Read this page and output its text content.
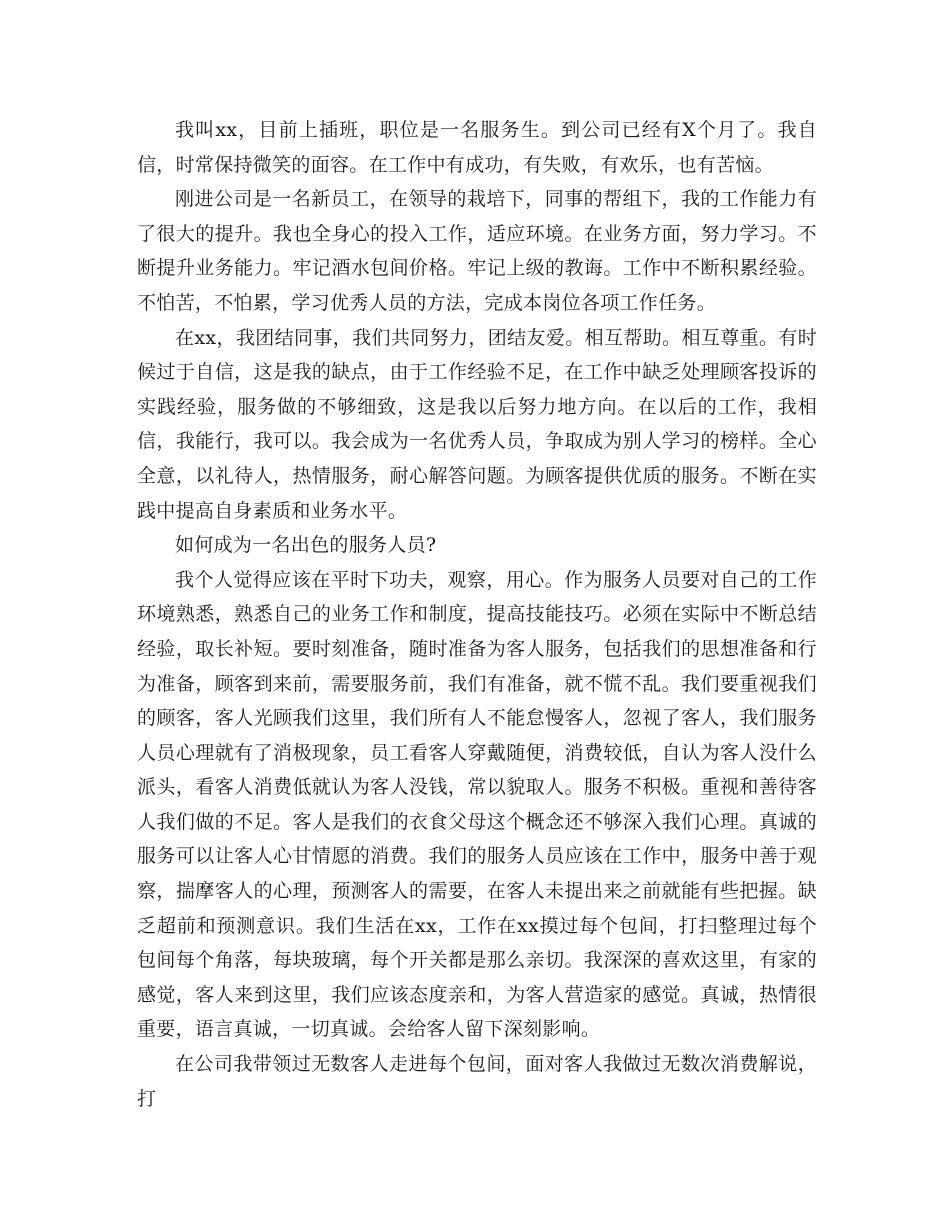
我叫xx，目前上插班，职位是一名服务生。到公司已经有X个月了。我自信，时常保持微笑的面容。在工作中有成功，有失败，有欢乐，也有苦恼。

刚进公司是一名新员工，在领导的栽培下，同事的帮组下，我的工作能力有了很大的提升。我也全身心的投入工作，适应环境。在业务方面，努力学习。不断提升业务能力。牢记酒水包间价格。牢记上级的教诲。工作中不断积累经验。不怕苦，不怕累，学习优秀人员的方法，完成本岗位各项工作任务。

在xx，我团结同事，我们共同努力，团结友爱。相互帮助。相互尊重。有时候过于自信，这是我的缺点，由于工作经验不足，在工作中缺乏处理顾客投诉的实践经验，服务做的不够细致，这是我以后努力地方向。在以后的工作，我相信，我能行，我可以。我会成为一名优秀人员，争取成为别人学习的榜样。全心全意，以礼待人，热情服务，耐心解答问题。为顾客提供优质的服务。不断在实践中提高自身素质和业务水平。

如何成为一名出色的服务人员?

我个人觉得应该在平时下功夫，观察，用心。作为服务人员要对自己的工作环境熟悉，熟悉自己的业务工作和制度，提高技能技巧。必须在实际中不断总结经验，取长补短。要时刻准备，随时准备为客人服务，包括我们的思想准备和行为准备，顾客到来前，需要服务前，我们有准备，就不慌不乱。我们要重视我们的顾客，客人光顾我们这里，我们所有人不能怠慢客人，忽视了客人，我们服务人员心理就有了消极现象，员工看客人穿戴随便，消费较低，自认为客人没什么派头，看客人消费低就认为客人没钱，常以貌取人。服务不积极。重视和善待客人我们做的不足。客人是我们的衣食父母这个概念还不够深入我们心理。真诚的服务可以让客人心甘情愿的消费。我们的服务人员应该在工作中，服务中善于观察，揣摩客人的心理，预测客人的需要，在客人未提出来之前就能有些把握。缺乏超前和预测意识。我们生活在xx，工作在xx摸过每个包间，打扫整理过每个包间每个角落，每块玻璃，每个开关都是那么亲切。我深深的喜欢这里，有家的感觉，客人来到这里，我们应该态度亲和，为客人营造家的感觉。真诚，热情很重要，语言真诚，一切真诚。会给客人留下深刻影响。

在公司我带领过无数客人走进每个包间，面对客人我做过无数次消费解说，打
